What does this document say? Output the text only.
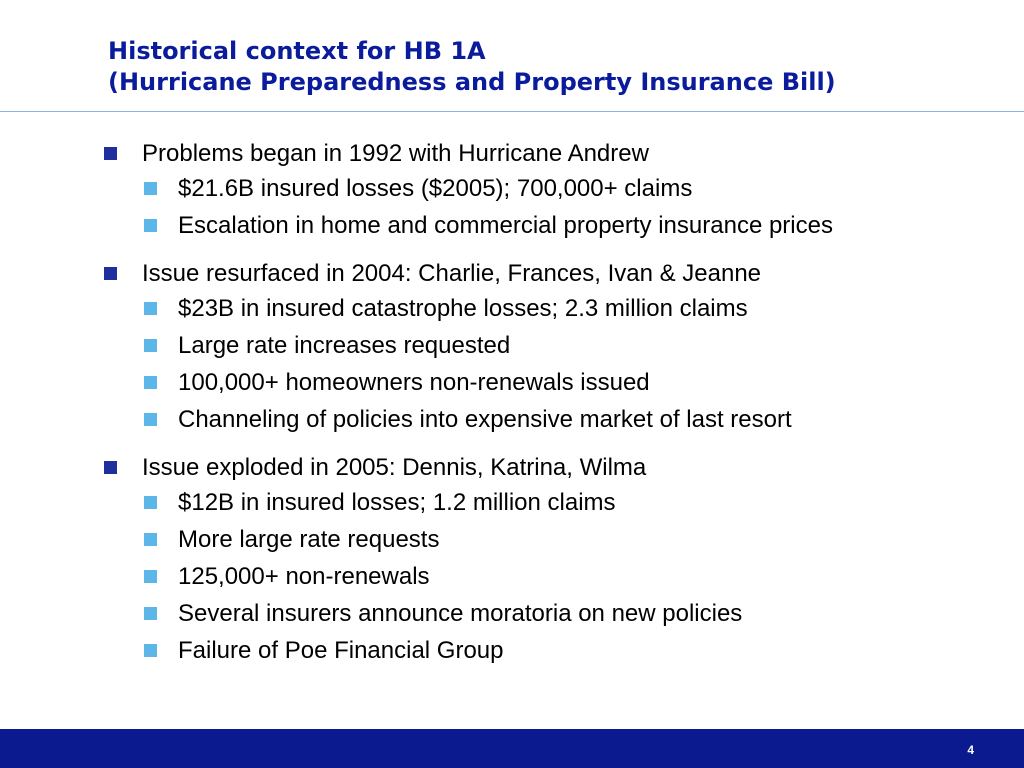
Historical context for HB 1A
(Hurricane Preparedness and Property Insurance Bill)
Problems began in 1992 with Hurricane Andrew
$21.6B insured losses ($2005); 700,000+ claims
Escalation in home and commercial property insurance prices
Issue resurfaced in 2004: Charlie, Frances, Ivan & Jeanne
$23B in insured catastrophe losses; 2.3 million claims
Large rate increases requested
100,000+ homeowners non-renewals issued
Channeling of policies into expensive market of last resort
Issue exploded in 2005: Dennis, Katrina, Wilma
$12B in insured losses; 1.2 million claims
More large rate requests
125,000+ non-renewals
Several insurers announce moratoria on new policies
Failure of Poe Financial Group
4
